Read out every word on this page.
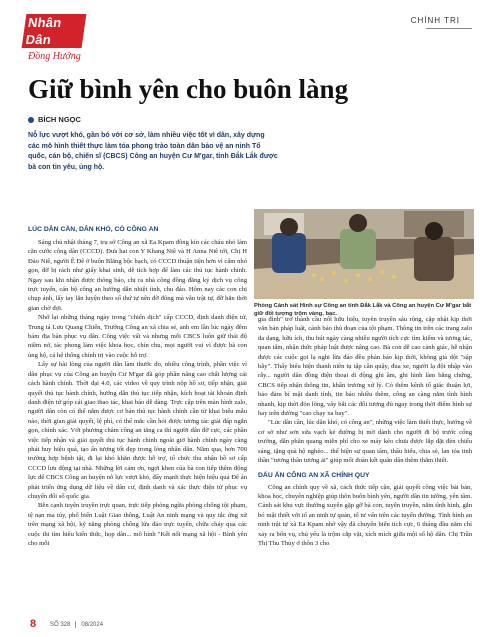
Nhân Dân
Đồng Hướng
CHÍNH TRỊ
Giữ bình yên cho buôn làng
BÍCH NGỌC

Nỗ lực vượt khó, gần bó với cơ sở, làm nhiều việc tốt vì dân, xây dựng các mô hình thiết thực làm tỏa phong trào toàn dân bảo vệ an ninh Tổ quốc, cán bộ, chiến sĩ (CBCS) Công an huyện Cư M'gar, tỉnh Đắk Lắk được bà con tin yêu, ủng hộ.

LÚC DÂN CẦN, DÂN KHÓ, CÓ CÔNG AN

Sáng chủ nhật tháng 7, trụ sở Công an xã Ea Kpam đông kín các cháu nhỏ làm căn cước công dân (CCCD). Đưa hai con Y Khang Niê và H Anna Niê tới, Chị H Đào Niê, người Ê Đê ở buôn Blăng bộc bạch, có CCCD thuận tiện hơn vì cấm nhỏ gọn, đỡ bị rách như giấy khai sinh, dễ tích hợp để làm các thủ tục hành chính. Ngay sau khi nhận được thông báo, chị ra nhà công đồng đăng ký dịch vụ công trực tuyến, cán bộ công an hướng dẫn nhiệt tình, chu đáo. Hôm nay các con chị chụp ảnh, lấy tay lăn luyện theo sổ thứ tự nên đỡ đông mà vẫn trật tự, đỡ hẳn thời gian chờ đợi.

Nhớ lại những tháng ngày trong "chiến dịch" cấp CCCD, định danh điện tử, Trung tá Lưu Quang Chiến, Trưởng Công an xã chia sẻ, anh em lần lúc ngày đêm bám địa bàn phục vụ dân. Công việc vất vả nhưng mỗi CBCS luôn giữ thái độ niềm nở, tác phong làm việc khoa học, chín chu, mọi người vui vì được bà con ủng hộ, cả hệ thống chính trị vào cuộc hỗ trợ.

Lấy sự hài lòng của người dân làm thước đo, nhiều công trình, phần việc vì dân phục vụ của Công an huyện Cư M'gar đã góp phần nâng cao chất lượng cải cách hành chính. Thời đại 4.0, các video về quy trình nộp hồ sơ, tiếp nhận, giải quyết thủ tục hành chính, hướng dẫn thủ tục tiếp nhận, kích hoạt tài khoản định danh điện tử góp cải giao thao tác, khai báo dễ dàng. Trực cập trên màn hình zalo, người dân còn có thể nắm được cơ bản thủ tục hành chính cần từ khai biểu mẫu nào, thời gian giải quyết, lệ phí, có thể mắc cần hỏi được tương tác giải đáp ngắn gọn, chính xác. Với phương châm công an tăng ca thì người dân đỡ cực, các phần việc tiếp nhận và giải quyết thủ tục hành chính ngoài giờ hành chính ngày càng phát huy hiệu quả, tạo ấn tượng tốt đẹp trong lòng nhân dân. Năm qua, hơn 700 trường hợp bệnh tật, đi lại khó khăn được hỗ trợ, tổ chức thu nhận hồ sơ cấp CCCD lưu động tại nhà. Những lời cảm ơn, ngợi khen của bà con tiếp thêm động lực để CBCS Công an huyện nỗ lực vượt khó, đẩy mạnh thực hiện hiệu quả Đề án phát triển ứng dụng dữ liệu về dân cư, định danh và xác thực điện tử phục vụ chuyển đổi số quốc gia.

Bên cạnh tuyên truyền trực quan, trực tiếp phòng ngừa phòng chống tội phạm, tệ nạn ma túy, phổ biến Luật Giao thông, Luật An ninh mạng và quy tắc ứng xử trên mạng xã hội, kỹ năng phòng chống lừa đảo trực tuyến, chữa cháy qua các cuộc thi tìm hiểu kiến thức, họp dân... mô hình "Kết nối mạng xã hội - Bình yên cho mỗi

Phòng Cảnh sát Hình sự Công an tỉnh Đắk Lắk và Công an huyện Cư M'gar bắt giữ đối tượng trộm vàng, bạc.

gia đình" trở thành cầu nối hữu hiệu, tuyên truyền sâu rộng, cập nhật kịp thời văn bản pháp luật, cảnh báo thủ đoạn của tội phạm. Thông tin trên các trang zalo đa dạng, hữu ích, thu hút ngày càng nhiều người tích cực tìm kiếm và tương tác, quan tâm, nhận thức pháp luật được nâng cao. Bà con dễ cao cảnh giác, hễ nhận được các cuộc gọi lạ nghi lừa đảo đều phản báo kịp thời, không giả dột "sập bẫy". Thấy biểu hiện thanh niên tụ tập cần quậy, đua xe, người lạ đột nhập vào rẫy... người dân đồng điện thoại di động ghi âm, ghi hình làm bằng chứng, CBCS tiếp nhận thông tin, khẩn trương xử lý. Có thêm kênh tố giác thuận lợi, bảo đảm bí mật danh tính, tin báo nhiều thêm, công an càng nắm tình hình nhanh, kịp thời đón lõng, vây bắt các đối tượng đủ ngay trong thời điểm hình sự hay trên đường "cao chạy xa bay".

"Lúc dân cần, lúc dân khó, có công an", những việc làm thiết thực, hướng về cơ sở như sơn sửa vạch kẻ đường bị mờ dành cho người đi bộ trước cổng trường, dẫn phân quang miễn phí cho xe máy kéo chưa được lắp đặt đèn chiếu sáng, tặng quà hộ nghèo... thể hiện sự quan tâm, thấu hiểu, chia sẻ, lan tỏa tinh thần "tương thân tương ái" giúp mối đoàn kết quân dân thêm thắm thiết.

DẤU ẤN CÔNG AN XÃ CHÍNH QUY

Công an chính quy về xã, cách thức tiếp cận, giải quyết công việc bài bản, khoa học, chuyên nghiệp giúp thôn buôn bình yên, người dân tin tưởng, yên tâm. Cảnh sát khu vực thường xuyên gặp gỡ bà con, tuyên truyền, nắm tình hình, gắn bó mật thiết với tổ an ninh tự quản, tổ tư vấn trên các tuyến đường. Tình hình an ninh trật tự xã Ea Kpam nhờ vậy đã chuyển biến tích cực, 6 tháng đầu năm chỉ xảy ra bốn vụ, chủ yếu là trộm cắp vặt, xích mích giữa một số hộ dân. Chị Trần Thị Thu Thủy ở thôn 3 cho

8 SỐ 328 08/2024
